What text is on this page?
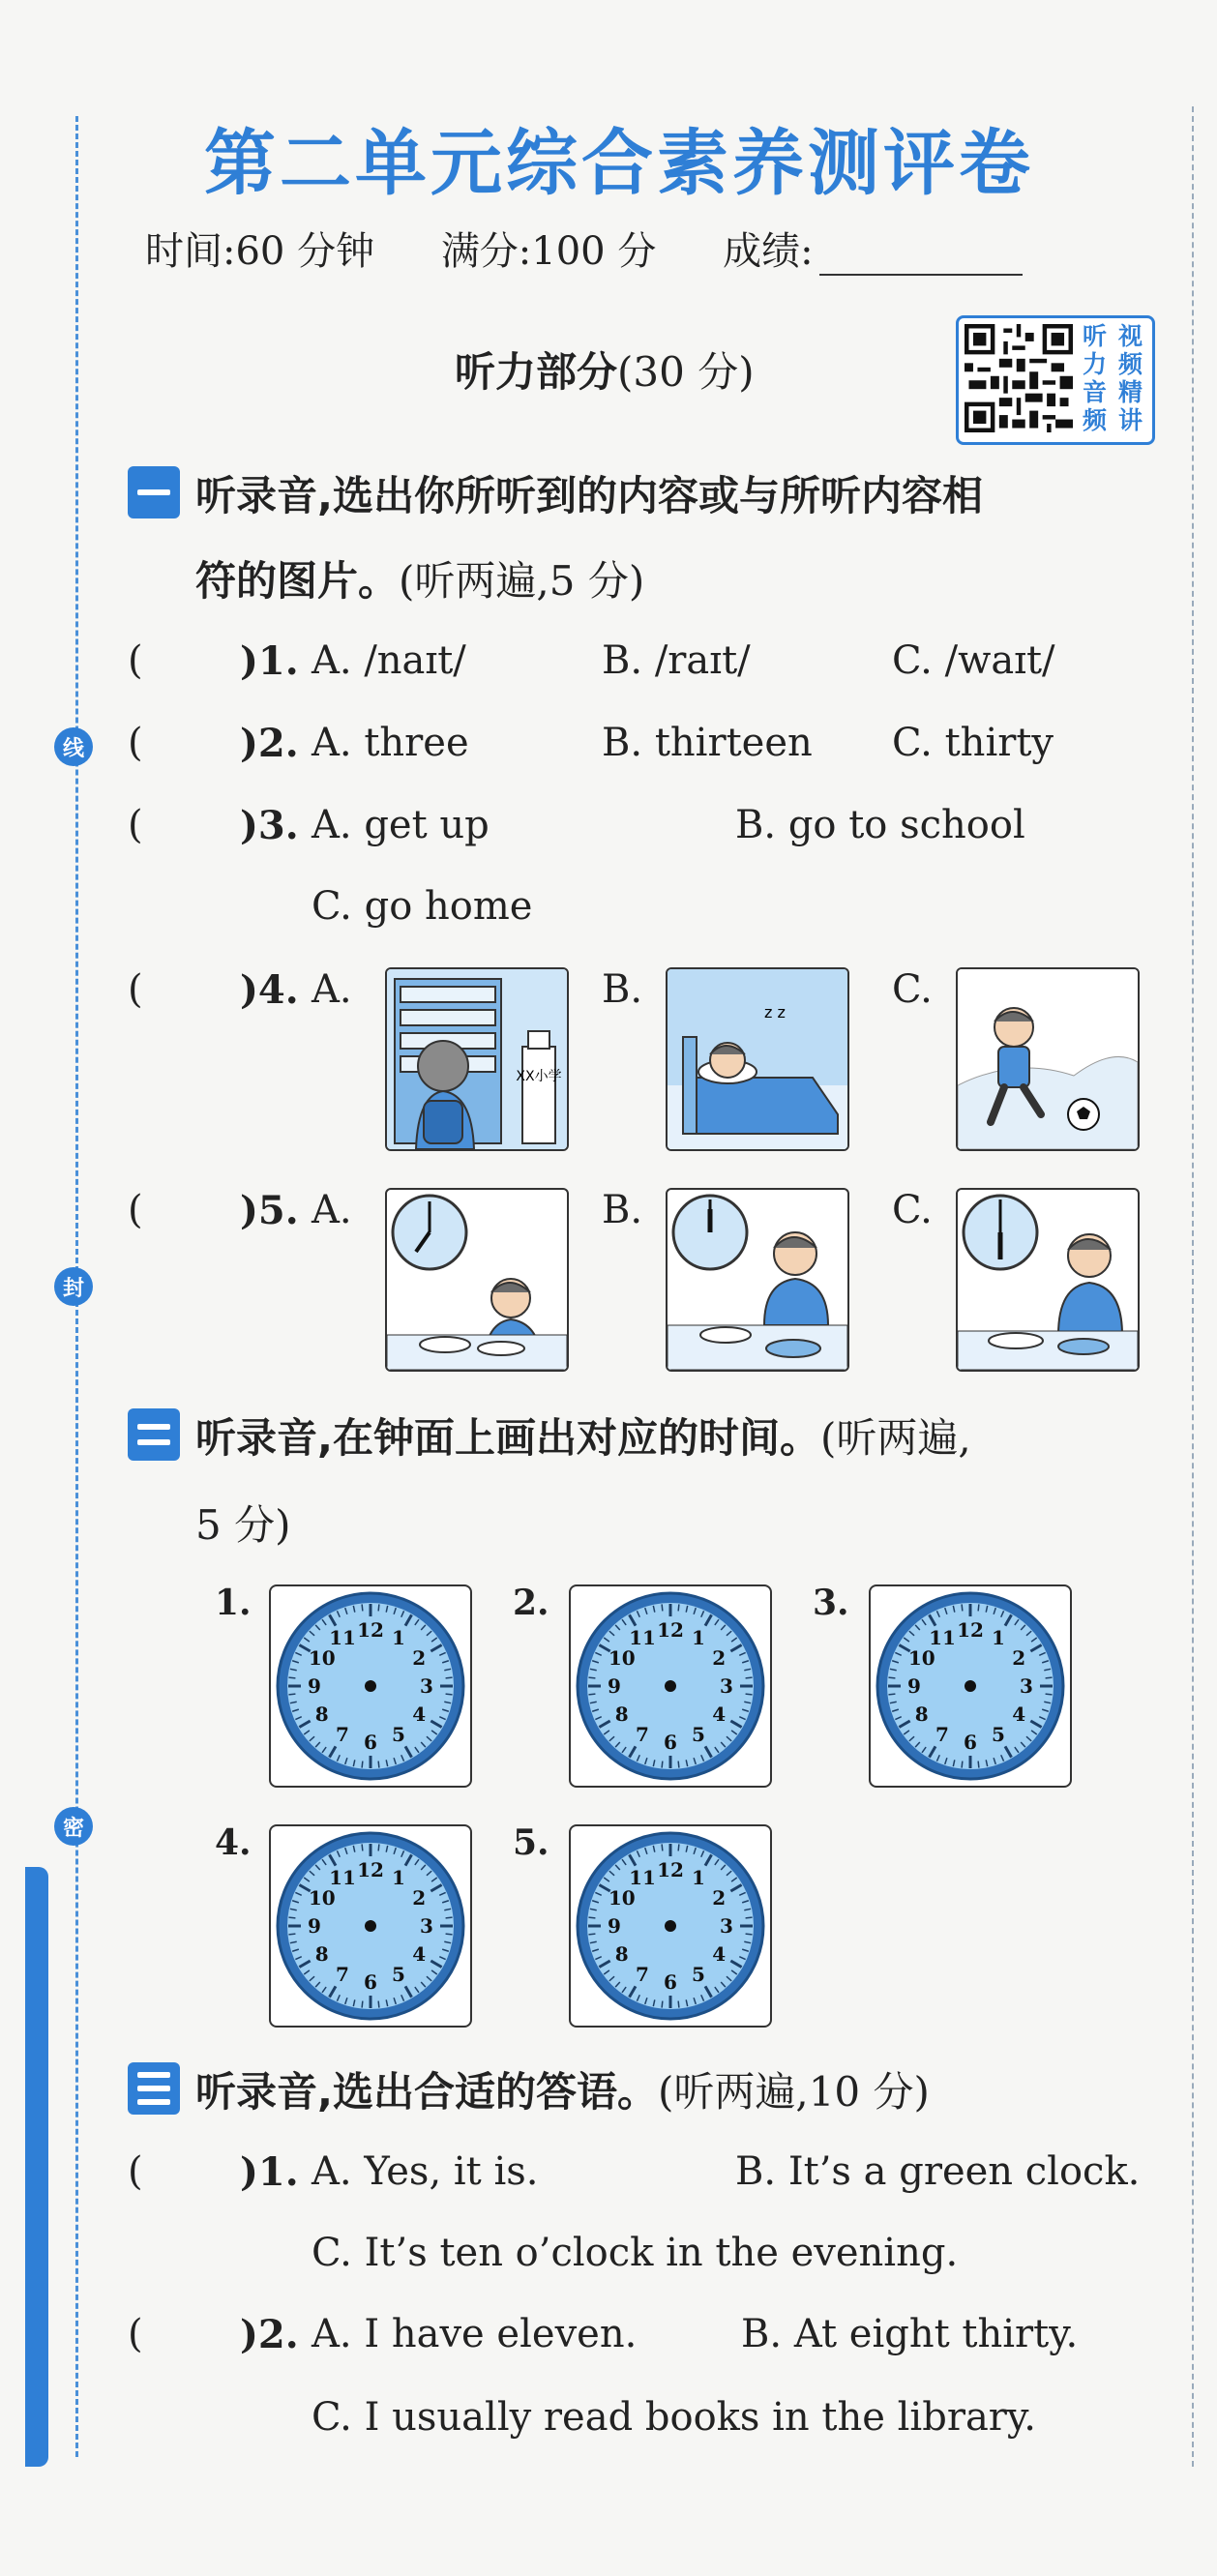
线
封
密
第二单元综合素养测评卷
时间:60 分钟 满分:100 分 成绩:
听力部分(30 分)
听 视
力 频
音 精
频 讲
听录音,选出你所听到的内容或与所听内容相
符的图片。(听两遍,5 分)
(	)1. A. /naɪt/	B. /raɪt/	C. /waɪt/
(	)2. A. three	B. thirteen C. thirty
(	)3. A. get up	B. go to school
C. go home
(	)4. A.	B.	C.
XX小学
z z
(	)5. A.	B.	C.
听录音,在钟面上画出对应的时间。(听两遍,
5 分)
1.
1
2
3
4
5
6
7
8
9
10
11 12
2.
1
2
3
4
5
6
7
8
9
10
11 12
3.
1
2
3
4
5
6
7
8
9
10
11 12
4.
1
2
3
4
5
6
7
8
9
10
11 12
5.
1
2
3
4
5
6
7
8
9
10
11 12
听录音,选出合适的答语。(听两遍,10 分)
(	)1. A. Yes, it is.	B. It’s a green clock.
C. It’s ten o’clock in the evening.
(	)2. A. I have eleven.	B. At eight thirty.
C. I usually read books in the library.
